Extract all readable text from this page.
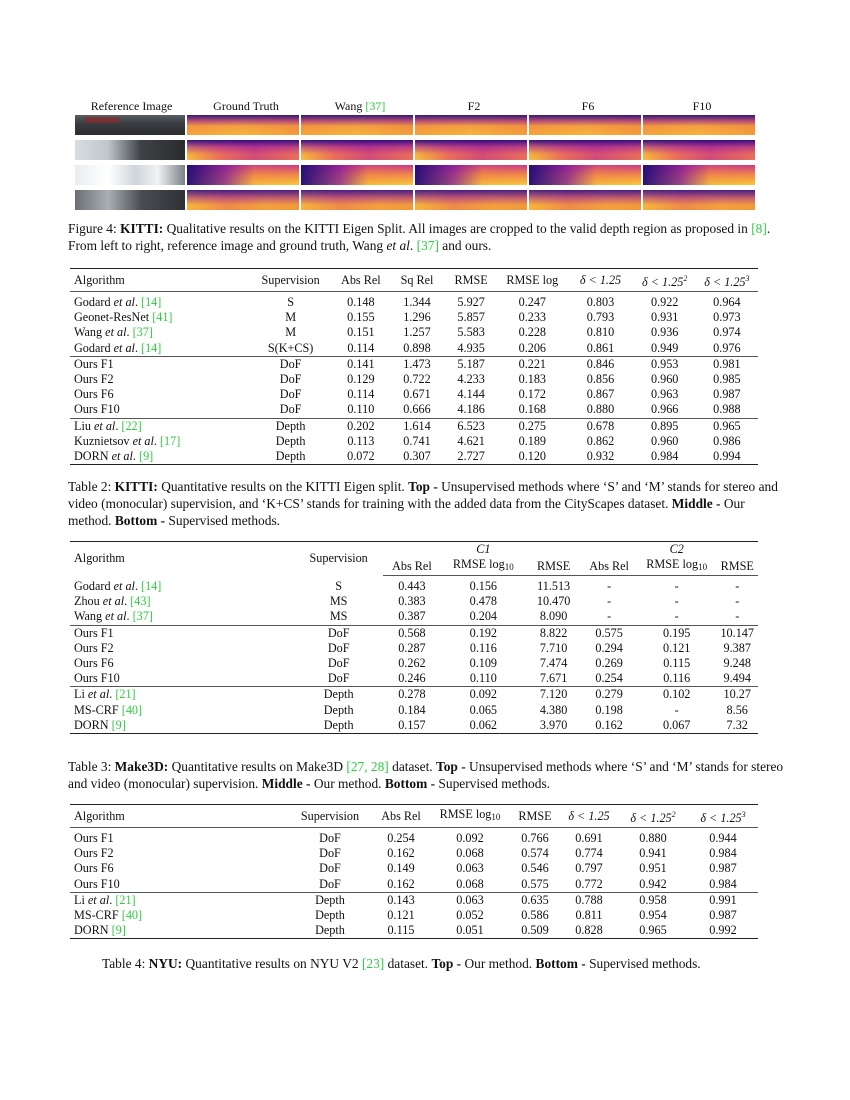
Reference Image	Ground Truth	Wang [37]	F2	F6	F10
Figure 4: KITTI: Qualitative results on the KITTI Eigen Split. All images are cropped to the valid depth region as proposed in [8]. From left to right, reference image and ground truth, Wang et al. [37] and ours.
Algorithm	Supervision	Abs Rel	Sq Rel	RMSE	RMSE log	δ < 1.25	$\delta < 1.25^2$	$\delta < 1.25^3$
Godard et al. [14]	S	0.148	1.344	5.927	0.247	0.803	0.922	0.964
Geonet-ResNet [41]	M	0.155	1.296	5.857	0.233	0.793	0.931	0.973
Wang et al. [37]	M	0.151	1.257	5.583	0.228	0.810	0.936	0.974
Godard et al. [14]	S(K+CS)	0.114	0.898	4.935	0.206	0.861	0.949	0.976
Ours F1	DoF	0.141	1.473	5.187	0.221	0.846	0.953	0.981
Ours F2	DoF	0.129	0.722	4.233	0.183	0.856	0.960	0.985
Ours F6	DoF	0.114	0.671	4.144	0.172	0.867	0.963	0.987
Ours F10	DoF	0.110	0.666	4.186	0.168	0.880	0.966	0.988
Liu et al. [22]	Depth	0.202	1.614	6.523	0.275	0.678	0.895	0.965
Kuznietsov et al. [17]	Depth	0.113	0.741	4.621	0.189	0.862	0.960	0.986
DORN et al. [9]	Depth	0.072	0.307	2.727	0.120	0.932	0.984	0.994
Table 2: KITTI: Quantitative results on the KITTI Eigen split. Top - Unsupervised methods where ‘S’ and ‘M’ stands for stereo and video (monocular) supervision, and ‘K+CS’ stands for training with the added data from the CityScapes dataset. Middle - Our method. Bottom - Supervised methods.
Algorithm	Supervision		C1			C2	
		Abs Rel	RMSE $\log_{10}$	RMSE	Abs Rel	RMSE $\log_{10}$	RMSE
Godard et al. [14]	S	0.443	0.156	11.513	-	-	-
Zhou et al. [43]	MS	0.383	0.478	10.470	-	-	-
Wang et al. [37]	MS	0.387	0.204	8.090	-	-	-
Ours F1	DoF	0.568	0.192	8.822	0.575	0.195	10.147
Ours F2	DoF	0.287	0.116	7.710	0.294	0.121	9.387
Ours F6	DoF	0.262	0.109	7.474	0.269	0.115	9.248
Ours F10	DoF	0.246	0.110	7.671	0.254	0.116	9.494
Li et al. [21]	Depth	0.278	0.092	7.120	0.279	0.102	10.27
MS-CRF [40]	Depth	0.184	0.065	4.380	0.198	-	8.56
DORN [9]	Depth	0.157	0.062	3.970	0.162	0.067	7.32
Table 3: Make3D: Quantitative results on Make3D [27, 28] dataset. Top - Unsupervised methods where ‘S’ and ‘M’ stands for stereo and video (monocular) supervision. Middle - Our method. Bottom - Supervised methods.
Algorithm	Supervision	Abs Rel	RMSE $\log_{10}$	RMSE	δ < 1.25	$\delta < 1.25^2$	$\delta < 1.25^3$
Ours F1	DoF	0.254	0.092	0.766	0.691	0.880	0.944
Ours F2	DoF	0.162	0.068	0.574	0.774	0.941	0.984
Ours F6	DoF	0.149	0.063	0.546	0.797	0.951	0.987
Ours F10	DoF	0.162	0.068	0.575	0.772	0.942	0.984
Li et al. [21]	Depth	0.143	0.063	0.635	0.788	0.958	0.991
MS-CRF [40]	Depth	0.121	0.052	0.586	0.811	0.954	0.987
DORN [9]	Depth	0.115	0.051	0.509	0.828	0.965	0.992
Table 4: NYU: Quantitative results on NYU V2 [23] dataset. Top - Our method. Bottom - Supervised methods.
